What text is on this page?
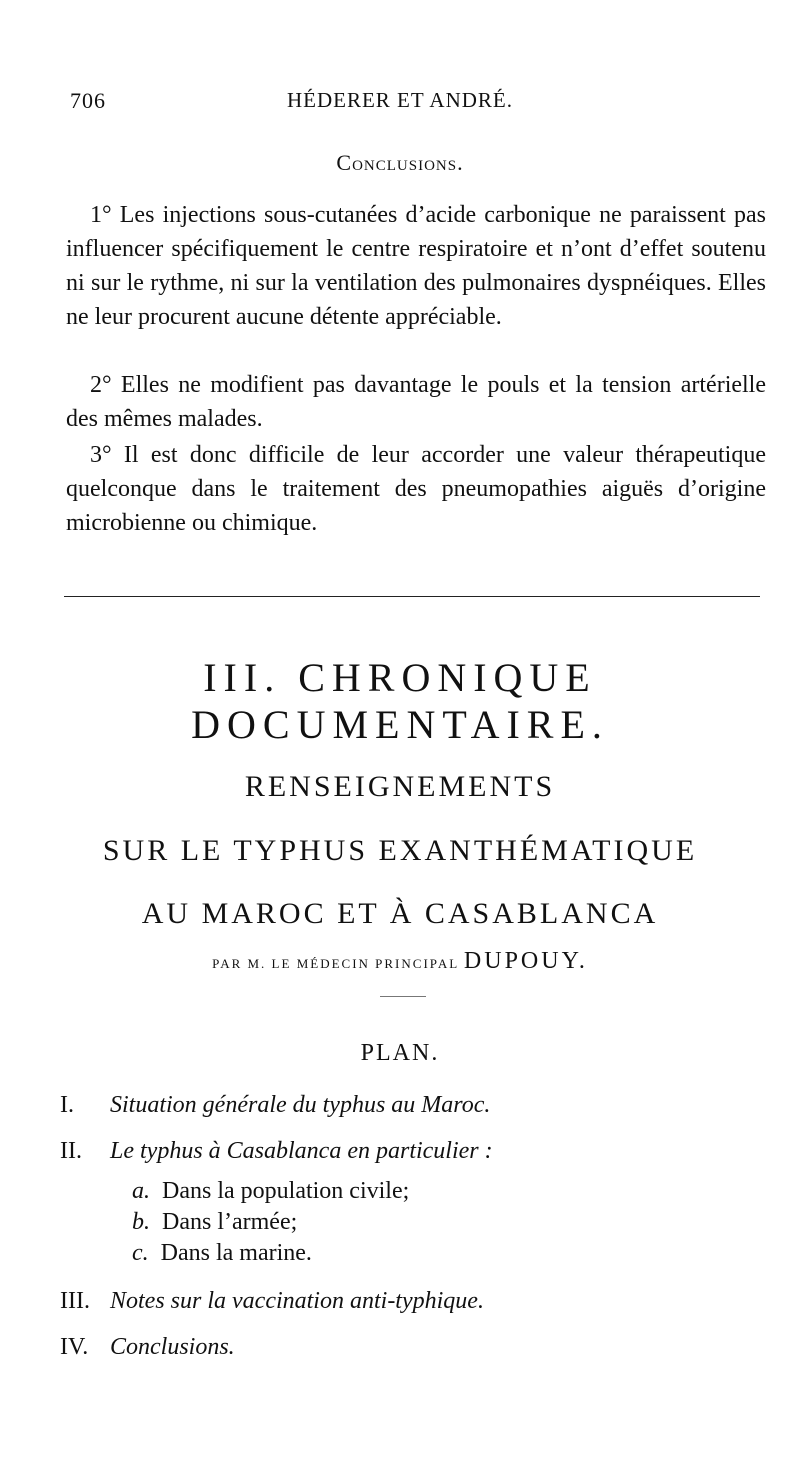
706	HÉDERER ET ANDRÉ.
Conclusions.

1° Les injections sous-cutanées d’acide carbonique ne paraissent pas influencer spécifiquement le centre respiratoire et n’ont d’effet soutenu ni sur le rythme, ni sur la ventilation des pulmonaires dyspnéiques. Elles ne leur procurent aucune détente appréciable.

2° Elles ne modifient pas davantage le pouls et la tension artérielle des mêmes malades.

3° Il est donc difficile de leur accorder une valeur thérapeutique quelconque dans le traitement des pneumopathies aiguës d’origine microbienne ou chimique.

III. CHRONIQUE DOCUMENTAIRE.
RENSEIGNEMENTS
SUR LE TYPHUS EXANTHÉMATIQUE
AU MAROC ET À CASABLANCA
PAR M. LE MÉDECIN PRINCIPAL DUPOUY.
PLAN.
I. Situation générale du typhus au Maroc.
II. Le typhus à Casablanca en particulier :
a. Dans la population civile;
b. Dans l’armée;
c. Dans la marine.
III. Notes sur la vaccination anti-typhique.
IV. Conclusions.
